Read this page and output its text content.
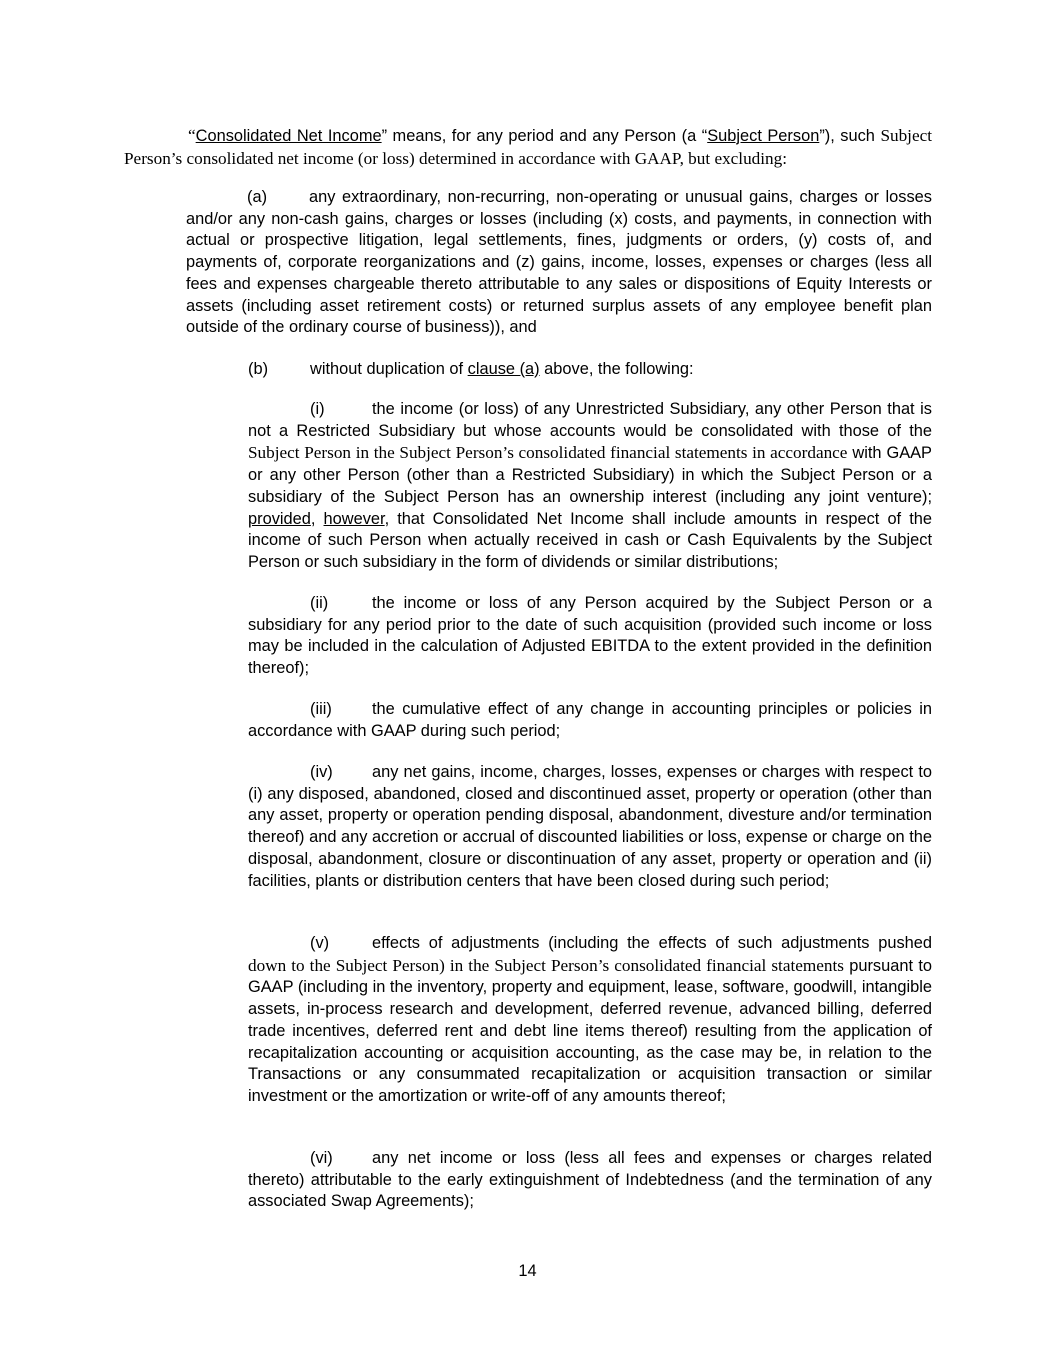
“Consolidated Net Income” means, for any period and any Person (a “Subject Person”), such Subject Person’s consolidated net income (or loss) determined in accordance with GAAP, but excluding:

(a)	any extraordinary, non-recurring, non-operating or unusual gains, charges or losses and/or any non-cash gains, charges or losses (including (x) costs, and payments, in connection with actual or prospective litigation, legal settlements, fines, judgments or orders, (y) costs of, and payments of, corporate reorganizations and (z) gains, income, losses, expenses or charges (less all fees and expenses chargeable thereto attributable to any sales or dispositions of Equity Interests or assets (including asset retirement costs) or returned surplus assets of any employee benefit plan outside of the ordinary course of business)), and

(b)	without duplication of clause (a) above, the following:

(i)	the income (or loss) of any Unrestricted Subsidiary, any other Person that is not a Restricted Subsidiary but whose accounts would be consolidated with those of the Subject Person in the Subject Person’s consolidated financial statements in accordance with GAAP or any other Person (other than a Restricted Subsidiary) in which the Subject Person or a subsidiary of the Subject Person has an ownership interest (including any joint venture); provided, however, that Consolidated Net Income shall include amounts in respect of the income of such Person when actually received in cash or Cash Equivalents by the Subject Person or such subsidiary in the form of dividends or similar distributions;

(ii)	the income or loss of any Person acquired by the Subject Person or a subsidiary for any period prior to the date of such acquisition (provided such income or loss may be included in the calculation of Adjusted EBITDA to the extent provided in the definition thereof);

(iii) the cumulative effect of any change in accounting principles or policies in accordance with GAAP during such period;

(iv) any net gains, income, charges, losses, expenses or charges with respect to (i) any disposed, abandoned, closed and discontinued asset, property or operation (other than any asset, property or operation pending disposal, abandonment, divesture and/or termination thereof) and any accretion or accrual of discounted liabilities or loss, expense or charge on the disposal, abandonment, closure or discontinuation of any asset, property or operation and (ii) facilities, plants or distribution centers that have been closed during such period;

(v)	effects of adjustments (including the effects of such adjustments pushed down to the Subject Person) in the Subject Person’s consolidated financial statements pursuant to GAAP (including in the inventory, property and equipment, lease, software, goodwill, intangible assets, in-process research and development, deferred revenue, advanced billing, deferred trade incentives, deferred rent and debt line items thereof) resulting from the application of recapitalization accounting or acquisition accounting, as the case may be, in relation to the Transactions or any consummated recapitalization or acquisition transaction or similar investment or the amortization or write-off of any amounts thereof;

(vi) any net income or loss (less all fees and expenses or charges related thereto) attributable to the early extinguishment of Indebtedness (and the termination of any associated Swap Agreements);

14
